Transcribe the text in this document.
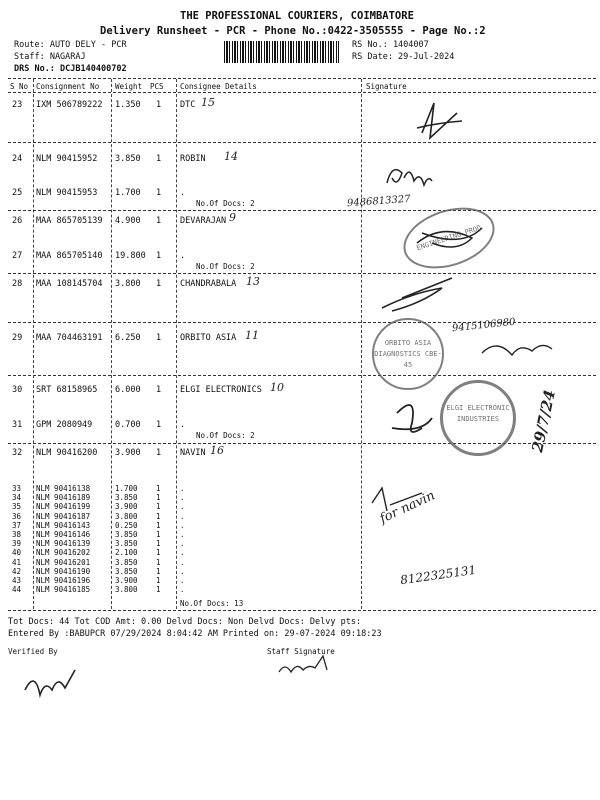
THE PROFESSIONAL COURIERS, COIMBATORE
Delivery Runsheet - PCR - Phone No.:0422-3505555 - Page No.:2
Route: AUTO DELY - PCR
Staff: NAGARAJ
DRS No.: DCJB140400702
RS No.: 1404007
RS Date: 29-Jul-2024
S No Consignment No Weight PCS Consignee Details	Signature
23 IXM 506789222 1.350 1 DTC 15
24 NLM 90415952 3.850 1 ROBIN 14
25 NLM 90415953 1.700 1 .
No.Of Docs: 2
26 MAA 865705139 4.900 1 DEVARAJAN 9
27 MAA 865705140 19.800 1 .
No.Of Docs: 2
28 MAA 108145704 3.800 1 CHANDRABALA 13
29 MAA 704463191 6.250 1 ORBITO ASIA 11
30 SRT 68158965 6.000 1 ELGI ELECTRONICS 10
31 GPM 2080949	0.700 1 .
No.Of Docs: 2
32 NLM 90416200 3.900 1 NAVIN 16
33 NLM 90416138	1.700 1	.
34 NLM 90416189	3.850 1	.
35 NLM 90416199	3.900 1	.
36 NLM 90416187	3.800 1	.
37 NLM 90416143	0.250 1	.
38 NLM 90416146	3.850 1	.
39 NLM 90416139	3.850 1	.
40 NLM 90416202	2.100 1	.
41 NLM 90416201	3.850 1	.
42 NLM 90416190	3.850 1	.
43 NLM 90416196	3.900 1	.
44 NLM 90416185	3.800 1	.
No.Of Docs: 13
9486813327
9415106980
for navin
8122325131
29/7/24
ENGINEERING PROD
ORBITO ASIA DIAGNOSTICS CBE-45
ELGI ELECTRONIC INDUSTRIES
Tot Docs: 44 Tot COD Amt: 0.00 Delvd Docs: Non Delvd Docs: Delvy pts:
Entered By :BABUPCR 07/29/2024 8:04:42 AM Printed on: 29-07-2024 09:18:23
Verified By	Staff Signature
